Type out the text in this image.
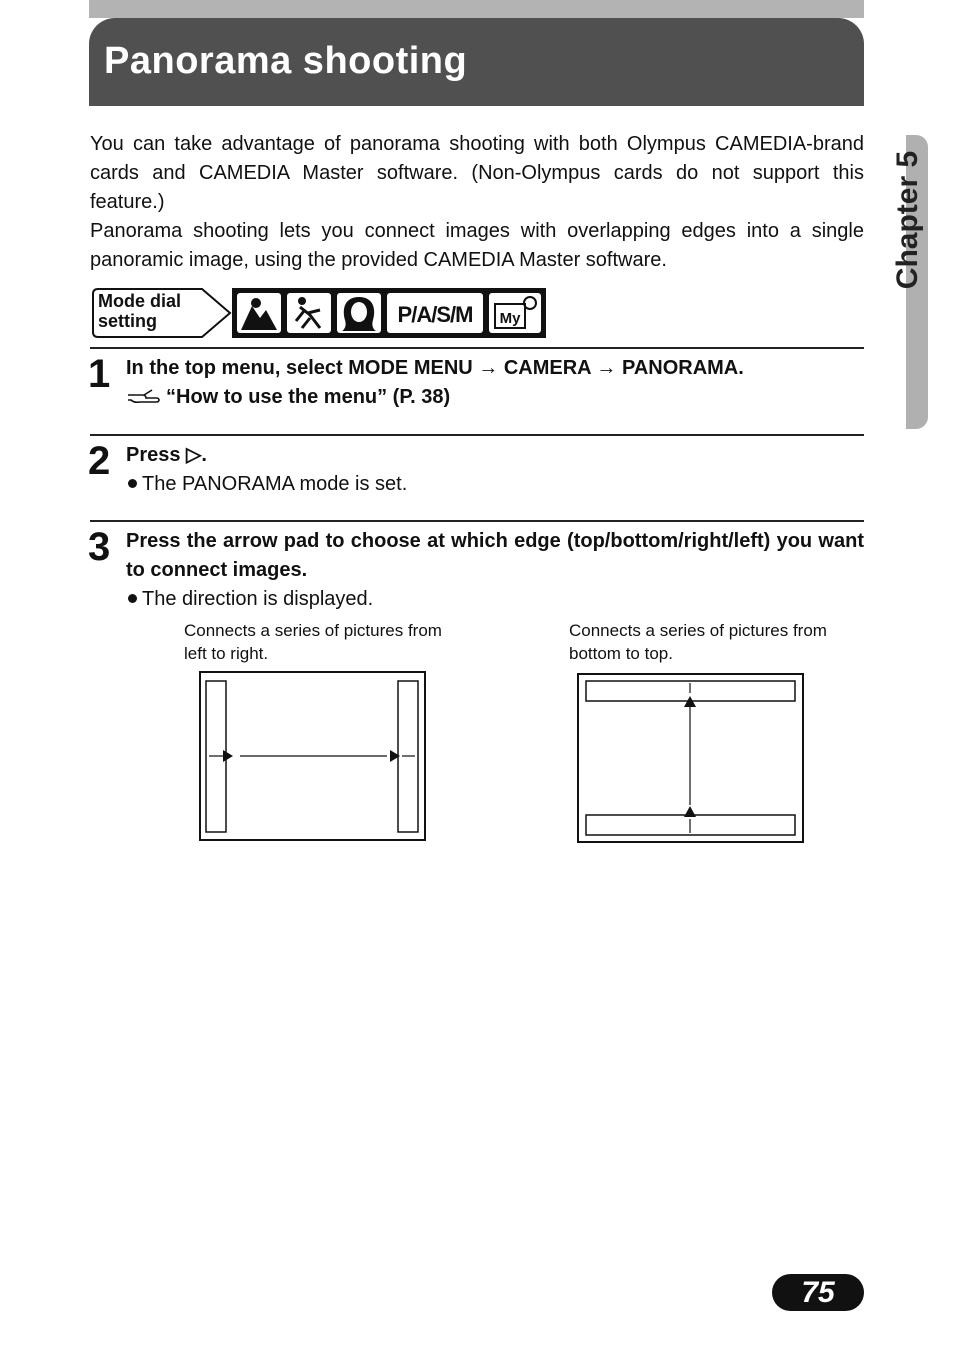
Panorama shooting
Chapter 5

You can take advantage of panorama shooting with both Olympus CAMEDIA-brand cards and CAMEDIA Master software. (Non-Olympus cards do not support this feature.)

Panorama shooting lets you connect images with overlapping edges into a single panoramic image, using the provided CAMEDIA Master software.

Mode dial setting	P/A/S/M My
1 In the top menu, select MODE MENU → CAMERA → PANORAMA.
“How to use the menu” (P. 38)
2 Press ▷.
The PANORAMA mode is set.
3 Press the arrow pad to choose at which edge (top/bottom/right/left) you want to connect images.
The direction is displayed.
Connects a series of pictures from left to right.
Connects a series of pictures from bottom to top.
75
